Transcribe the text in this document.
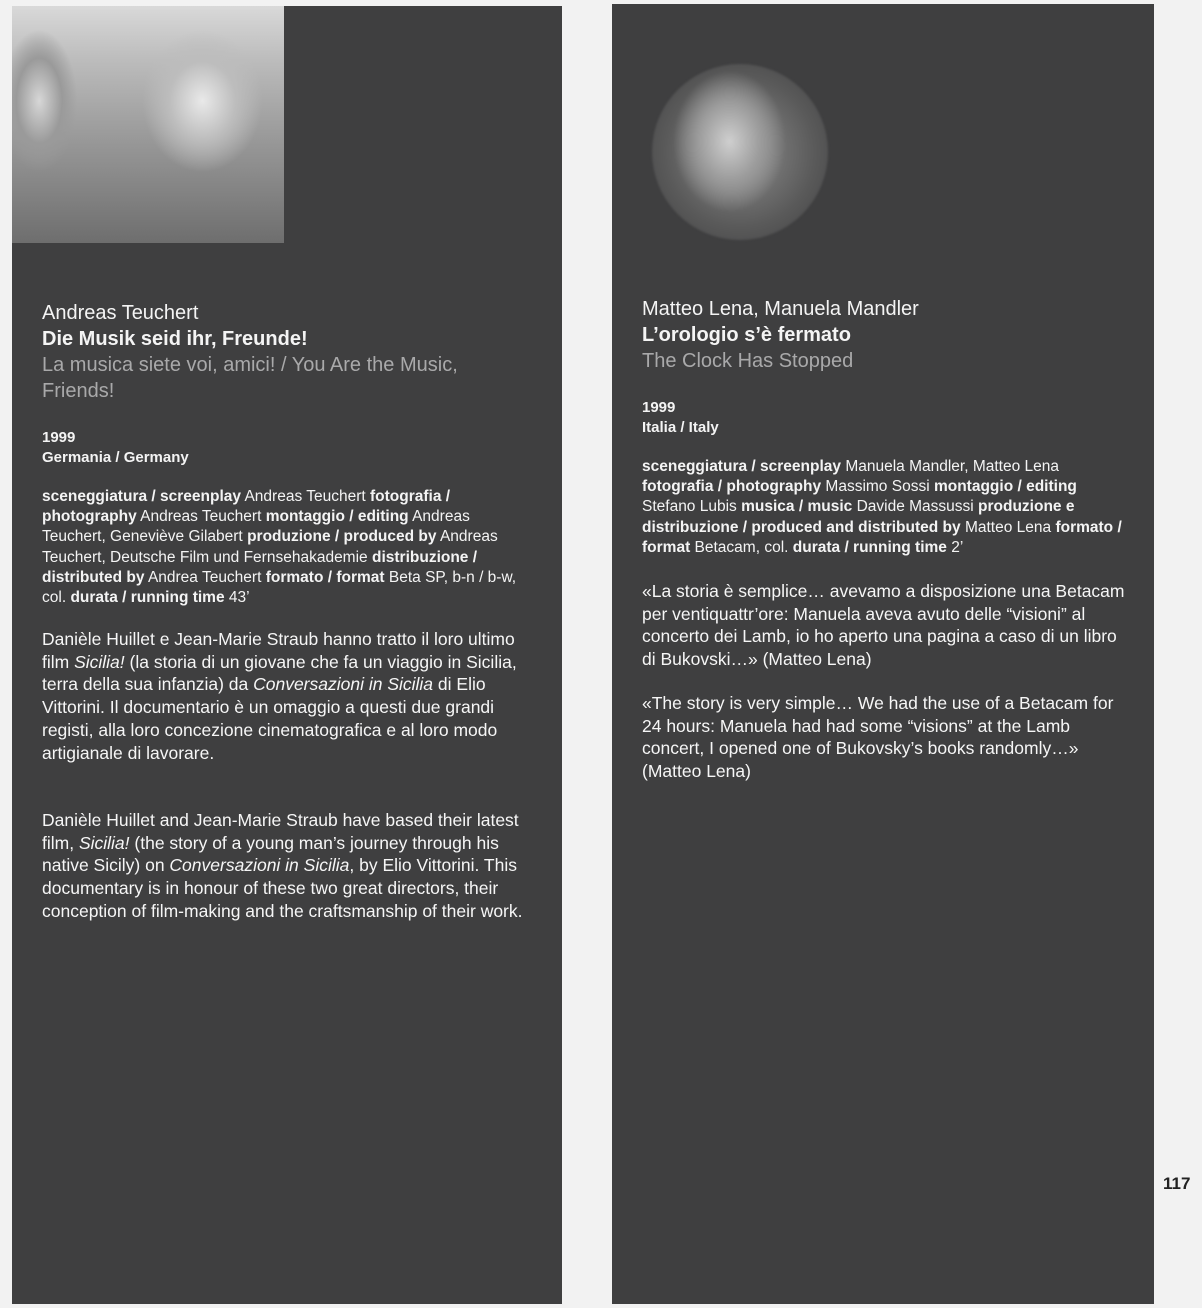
Andreas Teuchert

Die Musik seid ihr, Freunde!

La musica siete voi, amici! / You Are the Music, Friends!

1999

Germania / Germany

sceneggiatura / screenplay Andreas Teuchert fotografia / photography Andreas Teuchert montaggio / editing Andreas Teuchert, Geneviève Gilabert produzione / produced by Andreas Teuchert, Deutsche Film und Fernsehakademie distribuzione / distributed by Andrea Teuchert formato / format Beta SP, b-n / b-w, col. durata / running time 43’

Danièle Huillet e Jean-Marie Straub hanno tratto il loro ultimo film Sicilia! (la storia di un giovane che fa un viaggio in Sicilia, terra della sua infanzia) da Conversazioni in Sicilia di Elio Vittorini. Il documentario è un omaggio a questi due grandi registi, alla loro concezione cinematografica e al loro modo artigianale di lavorare.

Danièle Huillet and Jean-Marie Straub have based their latest film, Sicilia! (the story of a young man’s journey through his native Sicily) on Conversazioni in Sicilia, by Elio Vittorini. This documentary is in honour of these two great directors, their conception of film-making and the craftsmanship of their work.

Matteo Lena, Manuela Mandler

L’orologio s’è fermato

The Clock Has Stopped

1999

Italia / Italy

sceneggiatura / screenplay Manuela Mandler, Matteo Lena fotografia / photography Massimo Sossi montaggio / editing Stefano Lubis musica / music Davide Massussi produzione e distribuzione / produced and distributed by Matteo Lena formato / format Betacam, col. durata / running time 2’

«La storia è semplice… avevamo a disposizione una Betacam per ventiquattr’ore: Manuela aveva avuto delle “visioni” al concerto dei Lamb, io ho aperto una pagina a caso di un libro di Bukovski…» (Matteo Lena)

«The story is very simple… We had the use of a Betacam for 24 hours: Manuela had had some “visions” at the Lamb concert, I opened one of Bukovsky’s books randomly…» (Matteo Lena)

117
